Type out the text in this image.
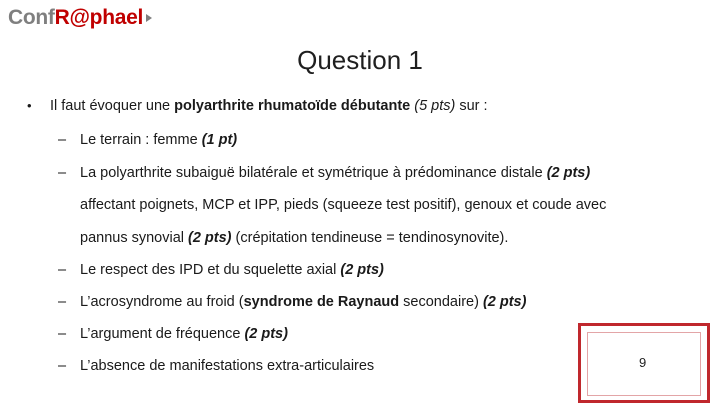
ConfR@phael
Question 1
• Il faut évoquer une polyarthrite rhumatoïde débutante (5 pts) sur :
– Le terrain : femme (1 pt)
– La polyarthrite subaiguë bilatérale et symétrique à prédominance distale (2 pts)
affectant poignets, MCP et IPP, pieds (squeeze test positif), genoux et coude avec
pannus synovial (2 pts) (crépitation tendineuse = tendinosynovite).
– Le respect des IPD et du squelette axial (2 pts)
– L’acrosyndrome au froid (syndrome de Raynaud secondaire) (2 pts)
– L’argument de fréquence (2 pts)
– L’absence de manifestations extra-articulaires	9
